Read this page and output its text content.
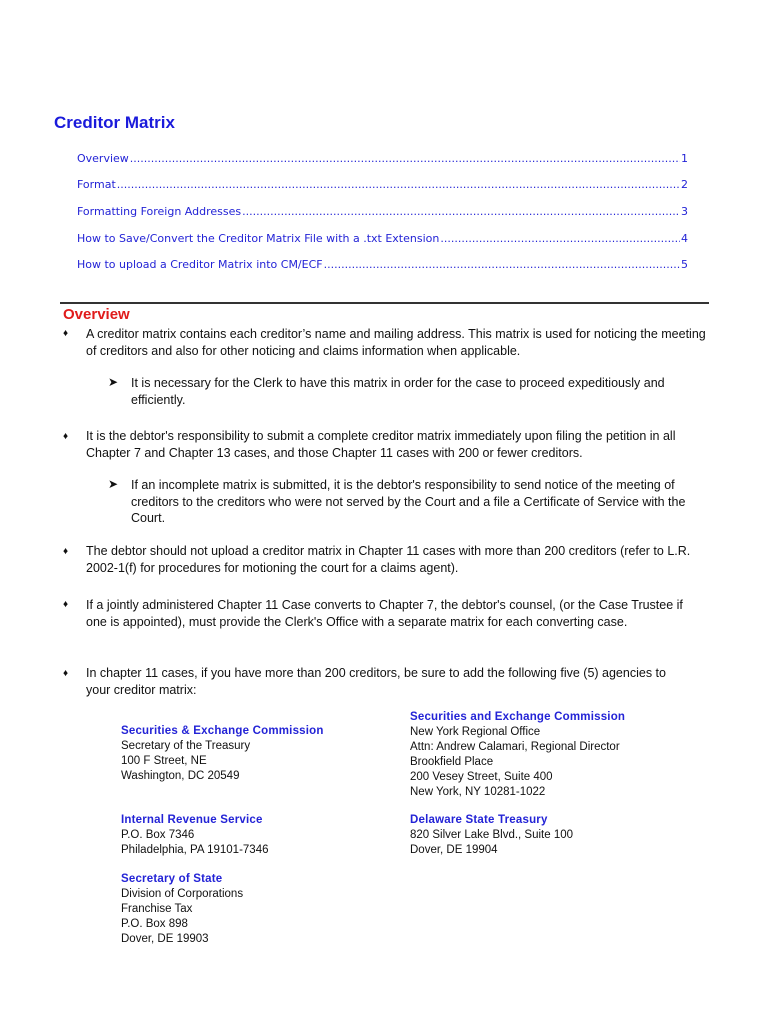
Creditor Matrix
Overview .....	1
Format .....	2
Formatting Foreign Addresses .....	3
How to Save/Convert the Creditor Matrix File with a .txt Extension .....	4
How to upload a Creditor Matrix into CM/ECF .....	5
Overview
♦ A creditor matrix contains each creditor’s name and mailing address. This matrix is used for noticing the meeting of creditors and also for other noticing and claims information when applicable.
➤ It is necessary for the Clerk to have this matrix in order for the case to proceed expeditiously and efficiently.
♦ It is the debtor's responsibility to submit a complete creditor matrix immediately upon filing the petition in all Chapter 7 and Chapter 13 cases, and those Chapter 11 cases with 200 or fewer creditors.
➤ If an incomplete matrix is submitted, it is the debtor's responsibility to send notice of the meeting of creditors to the creditors who were not served by the Court and a file a Certificate of Service with the Court.
♦ The debtor should not upload a creditor matrix in Chapter 11 cases with more than 200 creditors (refer to L.R. 2002-1(f) for procedures for motioning the court for a claims agent).
♦ If a jointly administered Chapter 11 Case converts to Chapter 7, the debtor's counsel, (or the Case Trustee if one is appointed), must provide the Clerk's Office with a separate matrix for each converting case.
♦ In chapter 11 cases, if you have more than 200 creditors, be sure to add the following five (5) agencies to your creditor matrix:
Securities & Exchange Commission
Secretary of the Treasury
100 F Street, NE
Washington, DC 20549
Securities and Exchange Commission
New York Regional Office
Attn: Andrew Calamari, Regional Director
Brookfield Place
200 Vesey Street, Suite 400
New York, NY 10281-1022
Internal Revenue Service
P.O. Box 7346
Philadelphia, PA 19101-7346
Delaware State Treasury
820 Silver Lake Blvd., Suite 100
Dover, DE 19904
Secretary of State
Division of Corporations
Franchise Tax
P.O. Box 898
Dover, DE 19903
